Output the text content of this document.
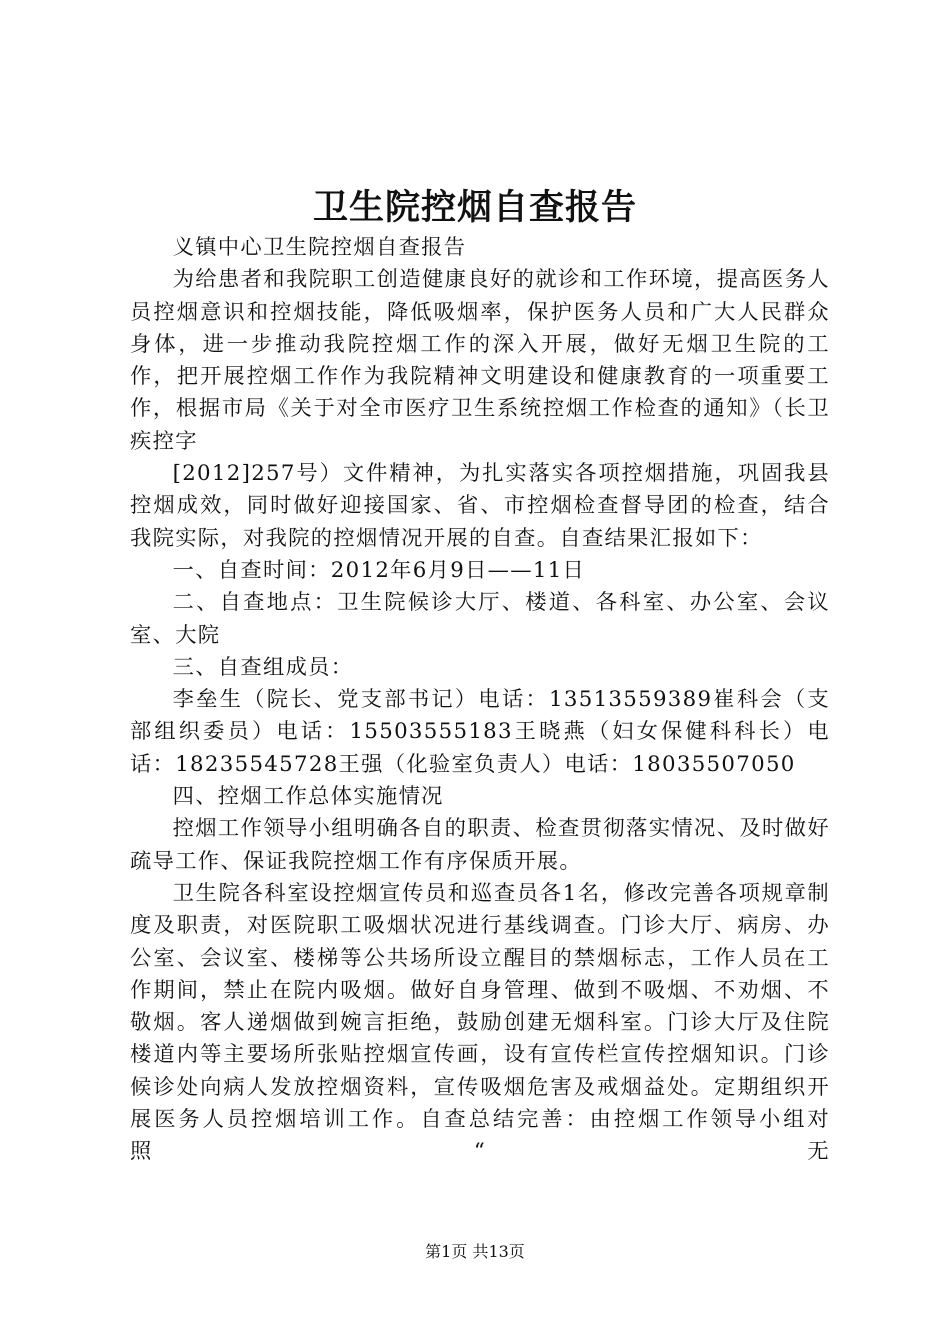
卫生院控烟自查报告

义镇中心卫生院控烟自查报告

为给患者和我院职工创造健康良好的就诊和工作环境，提高医务人员控烟意识和控烟技能，降低吸烟率，保护医务人员和广大人民群众身体，进一步推动我院控烟工作的深入开展，做好无烟卫生院的工作，把开展控烟工作作为我院精神文明建设和健康教育的一项重要工作，根据市局《关于对全市医疗卫生系统控烟工作检查的通知》（长卫疾控字

[2012]257号）文件精神，为扎实落实各项控烟措施，巩固我县控烟成效，同时做好迎接国家、省、市控烟检查督导团的检查，结合我院实际，对我院的控烟情况开展的自查。自查结果汇报如下：

一、自查时间：2012年6月9日——11日

二、自查地点：卫生院候诊大厅、楼道、各科室、办公室、会议室、大院

三、自查组成员：

李垒生（院长、党支部书记）电话：13513559389崔科会（支部组织委员）电话：15503555183王晓燕（妇女保健科科长）电话：18235545728王强（化验室负责人）电话：18035507050

四、控烟工作总体实施情况

控烟工作领导小组明确各自的职责、检查贯彻落实情况、及时做好疏导工作、保证我院控烟工作有序保质开展。

卫生院各科室设控烟宣传员和巡查员各1名，修改完善各项规章制度及职责，对医院职工吸烟状况进行基线调查。门诊大厅、病房、办公室、会议室、楼梯等公共场所设立醒目的禁烟标志，工作人员在工作期间，禁止在院内吸烟。做好自身管理、做到不吸烟、不劝烟、不敬烟。客人递烟做到婉言拒绝，鼓励创建无烟科室。门诊大厅及住院楼道内等主要场所张贴控烟宣传画，设有宣传栏宣传控烟知识。门诊候诊处向病人发放控烟资料，宣传吸烟危害及戒烟益处。定期组织开展医务人员控烟培训工作。自查总结完善：由控烟工作领导小组对照“无

第1页 共13页
